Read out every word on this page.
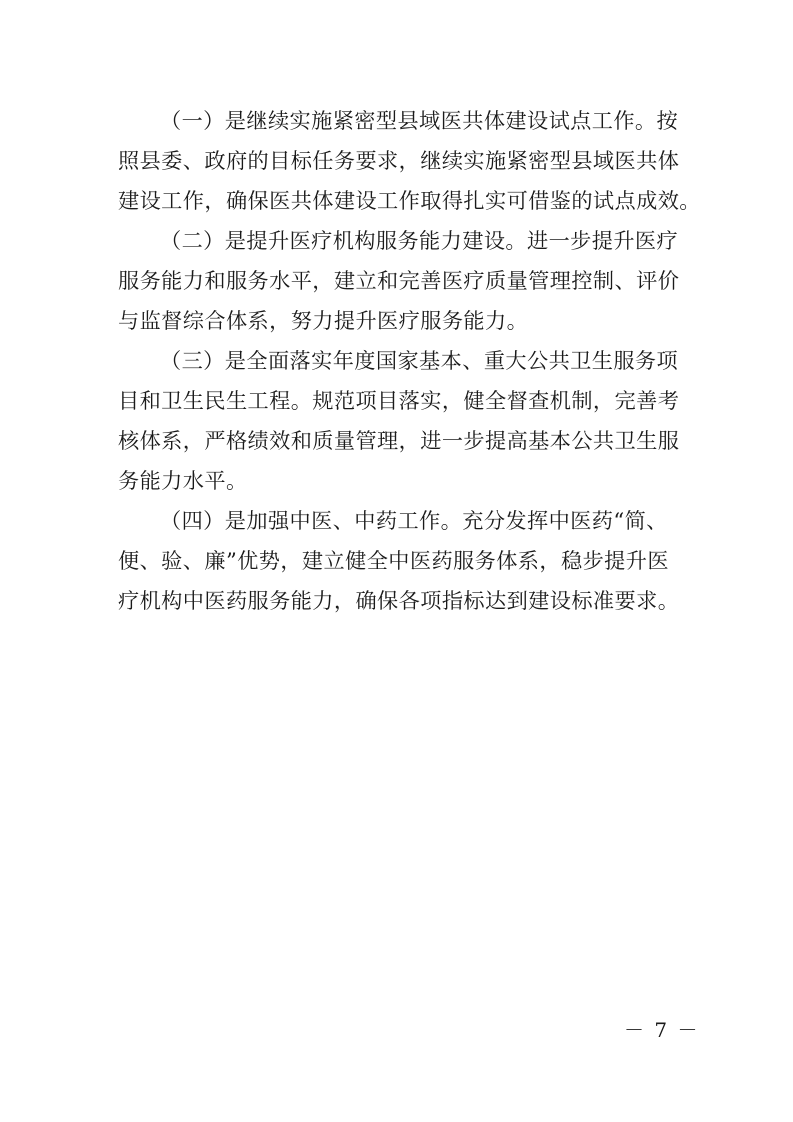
（一）是继续实施紧密型县域医共体建设试点工作。按
照县委、政府的目标任务要求，继续实施紧密型县域医共体
建设工作，确保医共体建设工作取得扎实可借鉴的试点成效。
（二）是提升医疗机构服务能力建设。进一步提升医疗
服务能力和服务水平，建立和完善医疗质量管理控制、评价
与监督综合体系，努力提升医疗服务能力。
（三）是全面落实年度国家基本、重大公共卫生服务项
目和卫生民生工程。规范项目落实，健全督查机制，完善考
核体系，严格绩效和质量管理，进一步提高基本公共卫生服
务能力水平。
（四）是加强中医、中药工作。充分发挥中医药“简、
便、验、廉”优势，建立健全中医药服务体系，稳步提升医
疗机构中医药服务能力，确保各项指标达到建设标准要求。
－ 7 －
